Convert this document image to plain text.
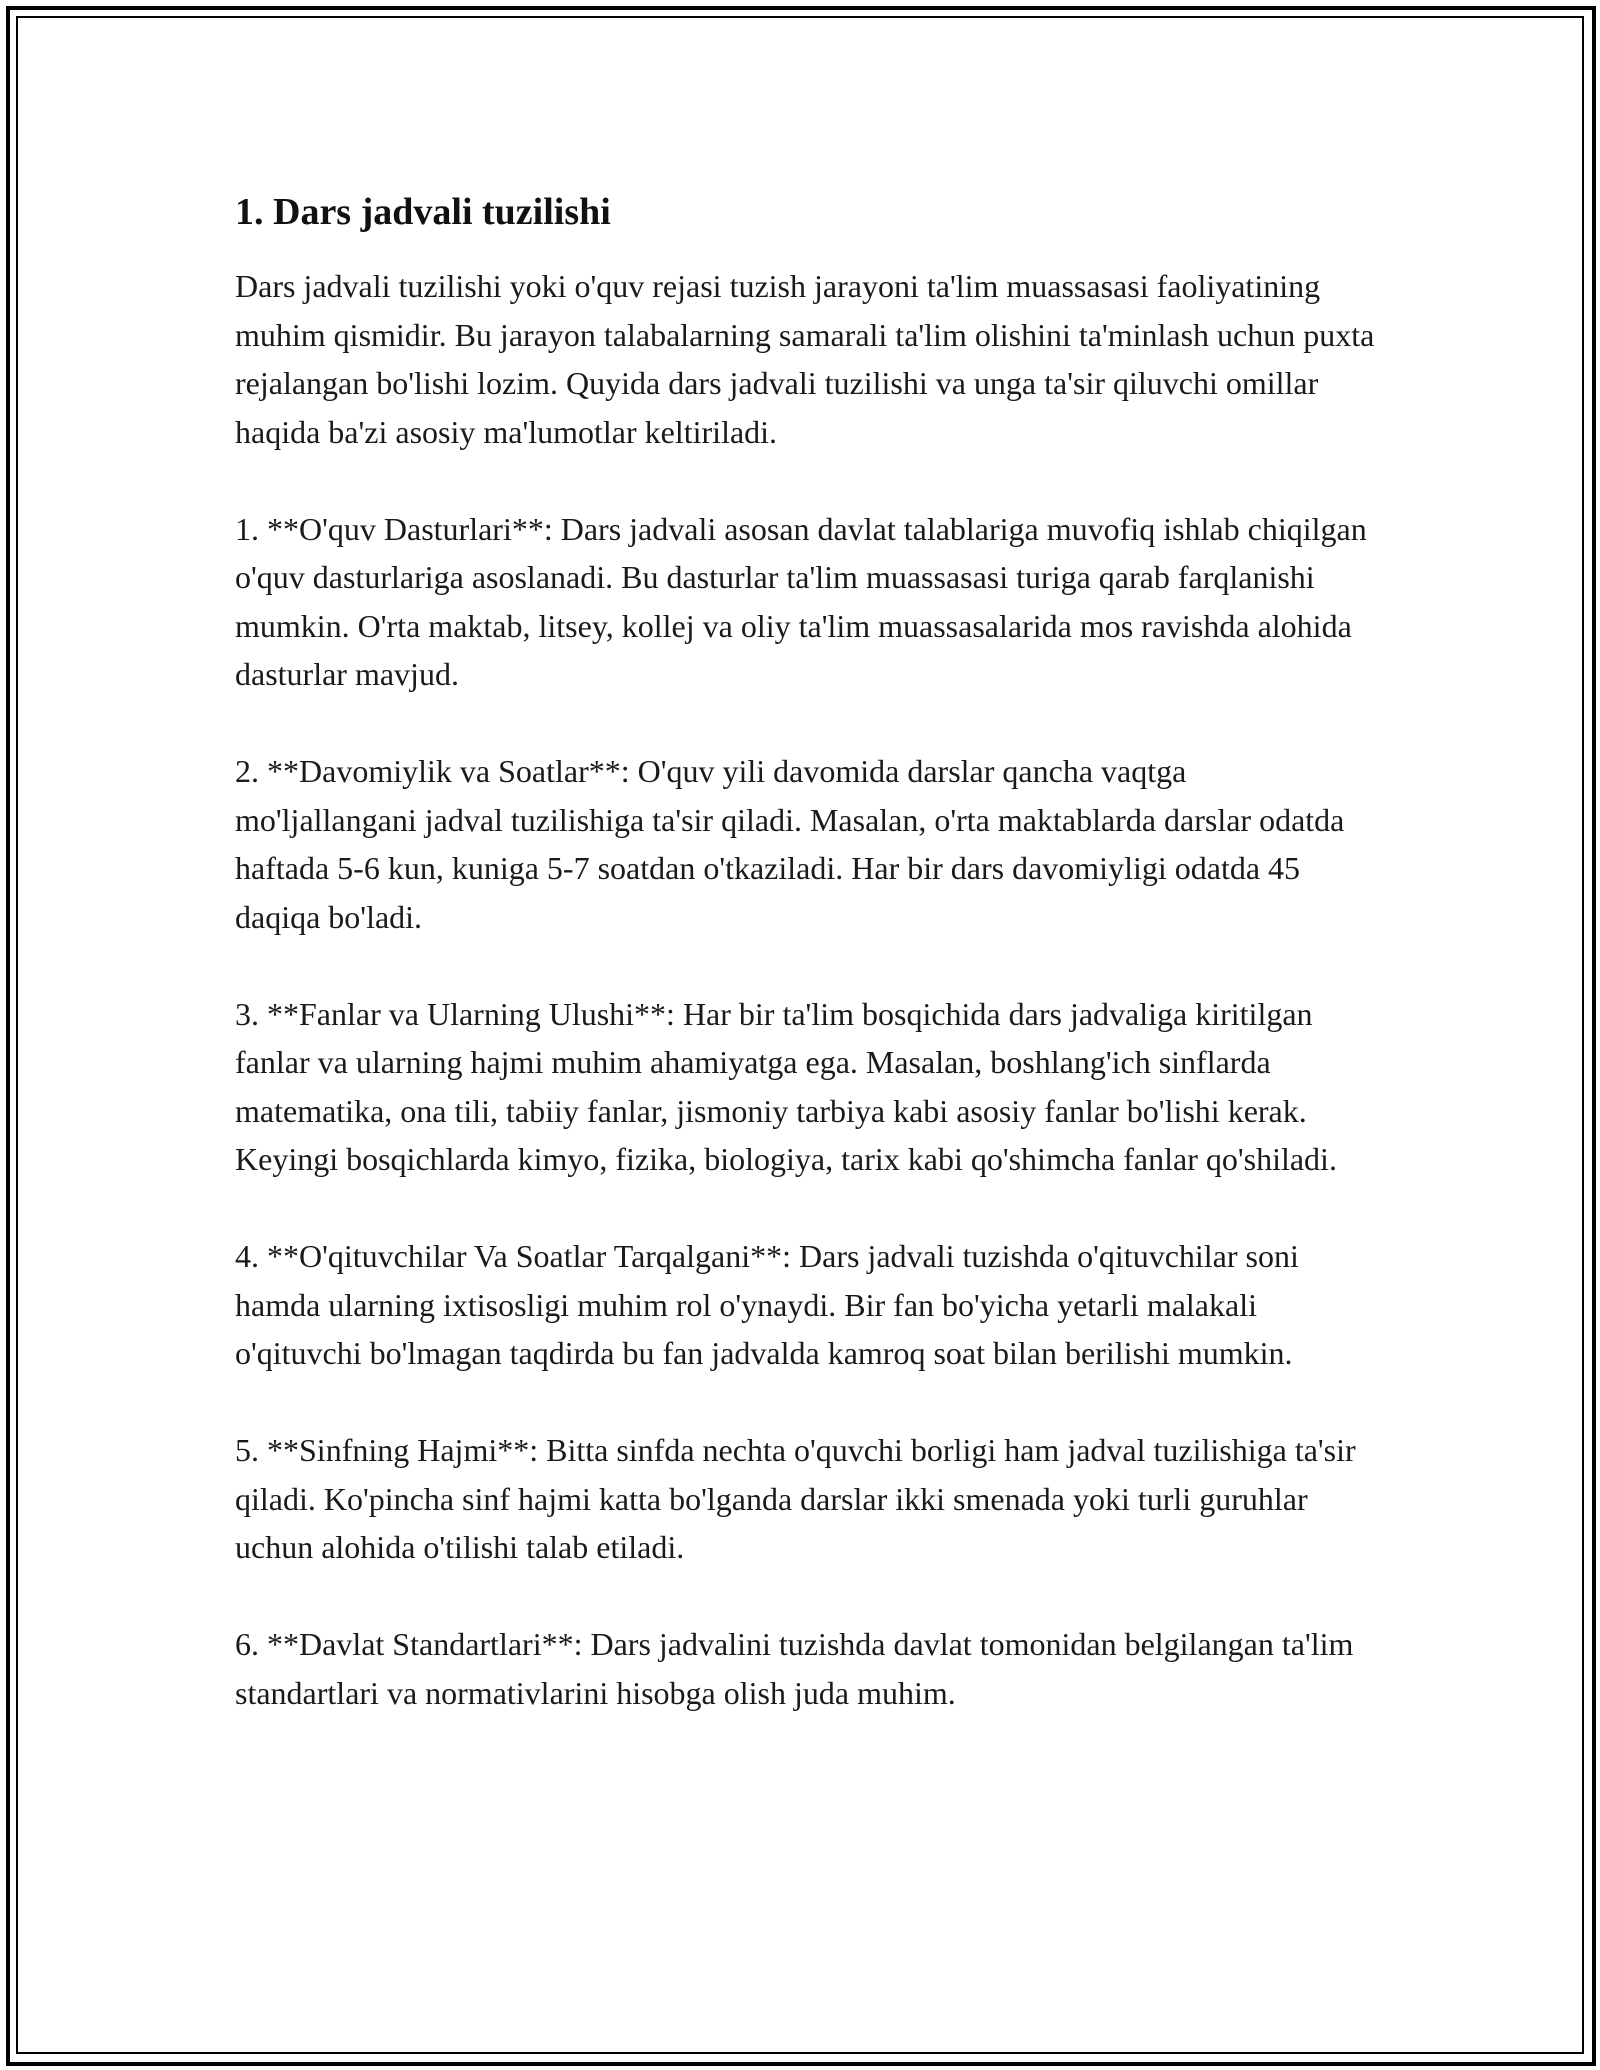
1. Dars jadvali tuzilishi

Dars jadvali tuzilishi yoki o'quv rejasi tuzish jarayoni ta'lim muassasasi faoliyatining muhim qismidir. Bu jarayon talabalarning samarali ta'lim olishini ta'minlash uchun puxta rejalangan bo'lishi lozim. Quyida dars jadvali tuzilishi va unga ta'sir qiluvchi omillar haqida ba'zi asosiy ma'lumotlar keltiriladi.

1. **O'quv Dasturlari**: Dars jadvali asosan davlat talablariga muvofiq ishlab chiqilgan o'quv dasturlariga asoslanadi. Bu dasturlar ta'lim muassasasi turiga qarab farqlanishi mumkin. O'rta maktab, litsey, kollej va oliy ta'lim muassasalarida mos ravishda alohida dasturlar mavjud.

2. **Davomiylik va Soatlar**: O'quv yili davomida darslar qancha vaqtga mo'ljallangani jadval tuzilishiga ta'sir qiladi. Masalan, o'rta maktablarda darslar odatda haftada 5-6 kun, kuniga 5-7 soatdan o'tkaziladi. Har bir dars davomiyligi odatda 45 daqiqa bo'ladi.

3. **Fanlar va Ularning Ulushi**: Har bir ta'lim bosqichida dars jadvaliga kiritilgan fanlar va ularning hajmi muhim ahamiyatga ega. Masalan, boshlang'ich sinflarda matematika, ona tili, tabiiy fanlar, jismoniy tarbiya kabi asosiy fanlar bo'lishi kerak. Keyingi bosqichlarda kimyo, fizika, biologiya, tarix kabi qo'shimcha fanlar qo'shiladi.

4. **O'qituvchilar Va Soatlar Tarqalgani**: Dars jadvali tuzishda o'qituvchilar soni hamda ularning ixtisosligi muhim rol o'ynaydi. Bir fan bo'yicha yetarli malakali o'qituvchi bo'lmagan taqdirda bu fan jadvalda kamroq soat bilan berilishi mumkin.

5. **Sinfning Hajmi**: Bitta sinfda nechta o'quvchi borligi ham jadval tuzilishiga ta'sir qiladi. Ko'pincha sinf hajmi katta bo'lganda darslar ikki smenada yoki turli guruhlar uchun alohida o'tilishi talab etiladi.

6. **Davlat Standartlari**: Dars jadvalini tuzishda davlat tomonidan belgilangan ta'lim standartlari va normativlarini hisobga olish juda muhim.
